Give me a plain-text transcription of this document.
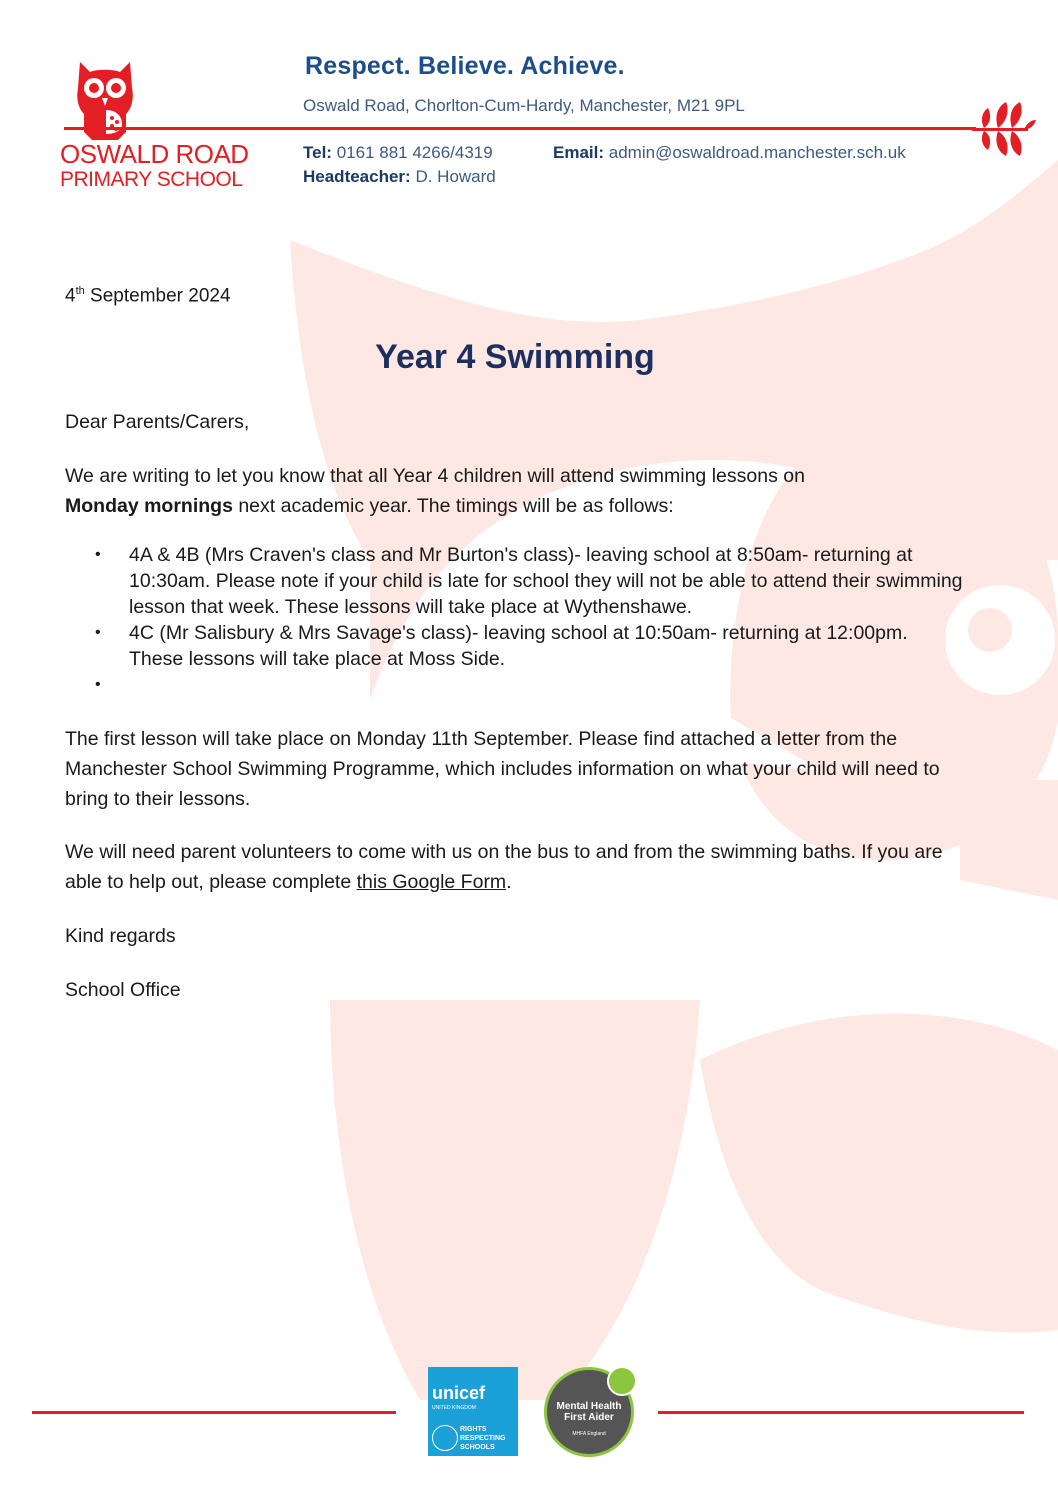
OSWALD ROAD
PRIMARY SCHOOL
Respect. Believe. Achieve.
Oswald Road, Chorlton-Cum-Hardy, Manchester, M21 9PL
Tel: 0161 881 4266/4319	Email: admin@oswaldroad.manchester.sch.uk
Headteacher: D. Howard
4th September 2024
Year 4 Swimming
Dear Parents/Carers,
We are writing to let you know that all Year 4 children will attend swimming lessons on Monday mornings next academic year. The timings will be as follows:
• 4A & 4B (Mrs Craven's class and Mr Burton's class)- leaving school at 8:50am- returning at 10:30am. Please note if your child is late for school they will not be able to attend their swimming lesson that week. These lessons will take place at Wythenshawe.
• 4C (Mr Salisbury & Mrs Savage's class)- leaving school at 10:50am- returning at 12:00pm. These lessons will take place at Moss Side.
•
The first lesson will take place on Monday 11th September. Please find attached a letter from the Manchester School Swimming Programme, which includes information on what your child will need to bring to their lessons.
We will need parent volunteers to come with us on the bus to and from the swimming baths. If you are able to help out, please complete this Google Form.
Kind regards
School Office
unicef
UNITED KINGDOM
RIGHTS RESPECTING SCHOOLS
Mental Health First Aider
MHFA England
